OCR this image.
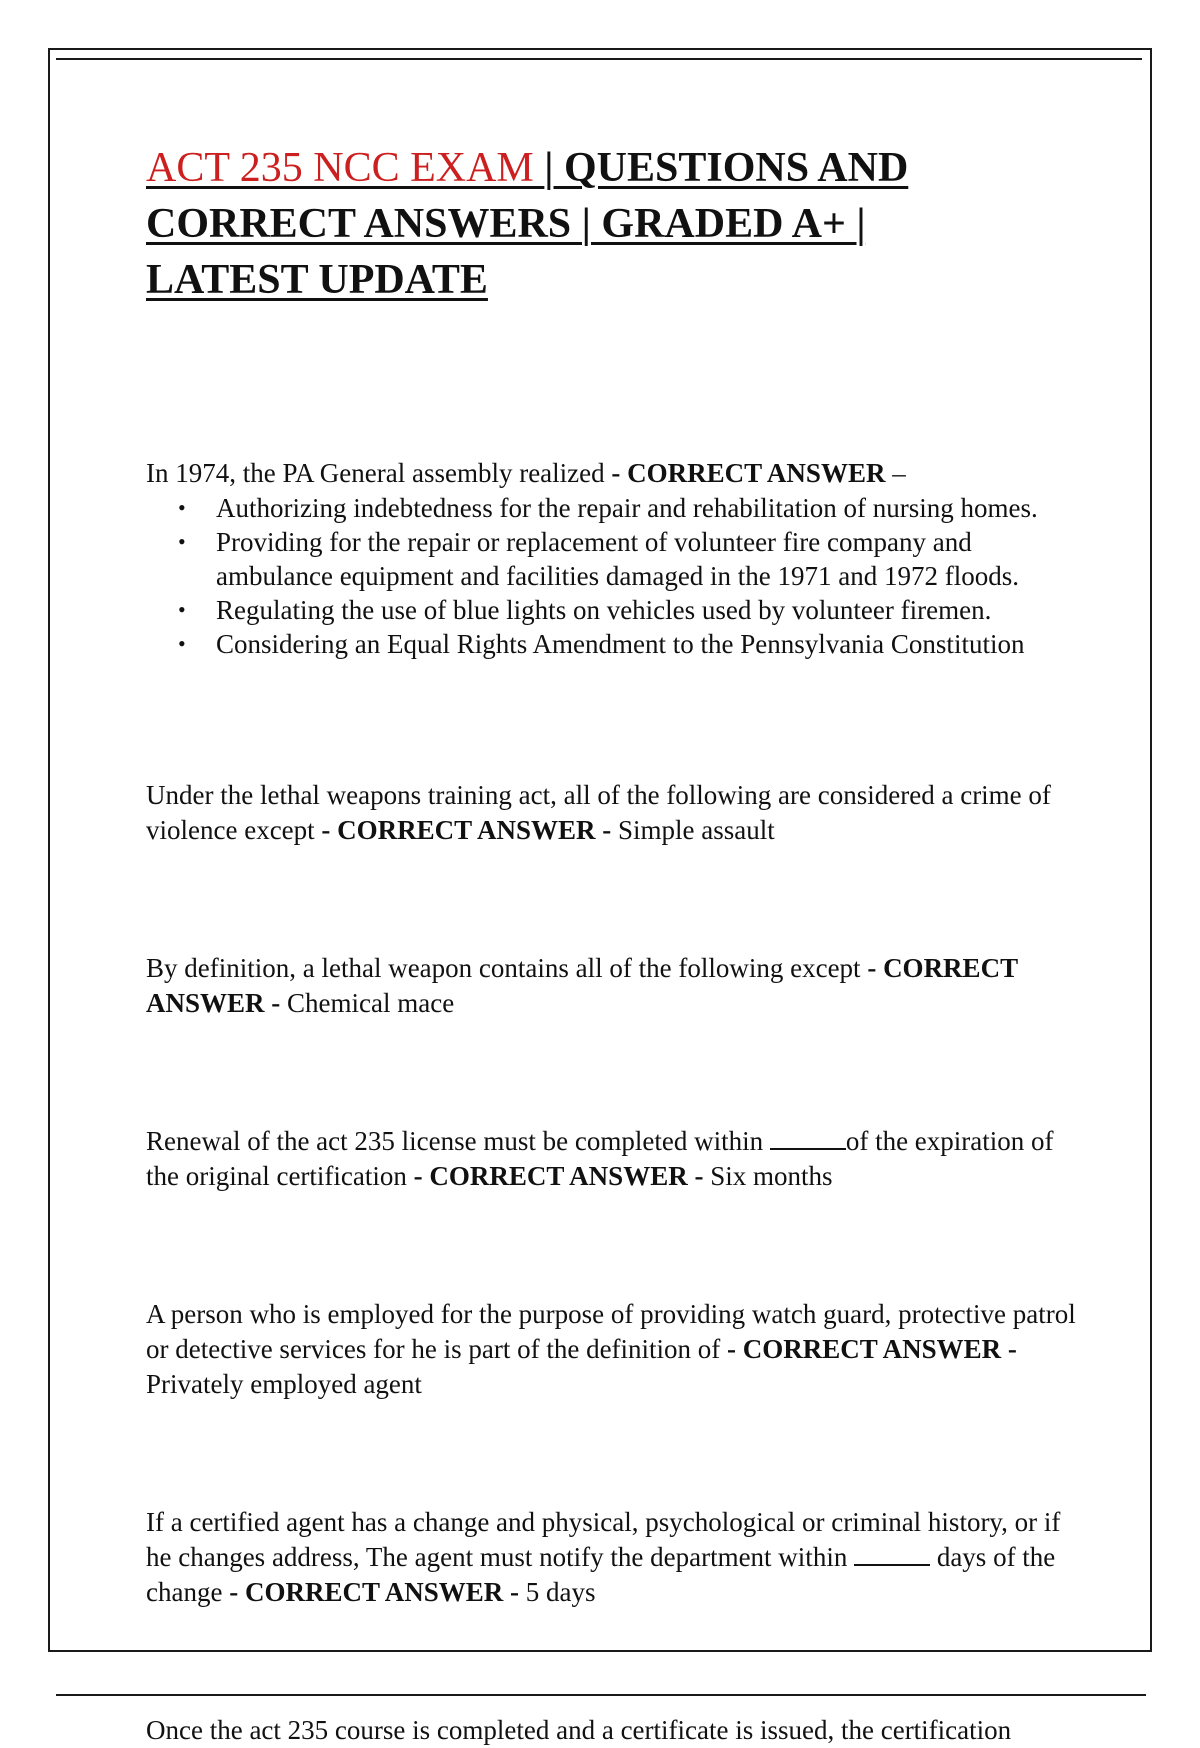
ACT 235 NCC EXAM | QUESTIONS AND CORRECT ANSWERS | GRADED A+ | LATEST UPDATE

In 1974, the PA General assembly realized - CORRECT ANSWER –

• Authorizing indebtedness for the repair and rehabilitation of nursing homes.
• Providing for the repair or replacement of volunteer fire company and ambulance equipment and facilities damaged in the 1971 and 1972 floods.
• Regulating the use of blue lights on vehicles used by volunteer firemen.
• Considering an Equal Rights Amendment to the Pennsylvania Constitution

Under the lethal weapons training act, all of the following are considered a crime of violence except - CORRECT ANSWER - Simple assault

By definition, a lethal weapon contains all of the following except - CORRECT ANSWER - Chemical mace

Renewal of the act 235 license must be completed within	of the expiration of the original certification - CORRECT ANSWER - Six months

A person who is employed for the purpose of providing watch guard, protective patrol or detective services for he is part of the definition of - CORRECT ANSWER - Privately employed agent

If a certified agent has a change and physical, psychological or criminal history, or if he changes address, The agent must notify the department within	days of the change - CORRECT ANSWER - 5 days

Once the act 235 course is completed and a certificate is issued, the certification
